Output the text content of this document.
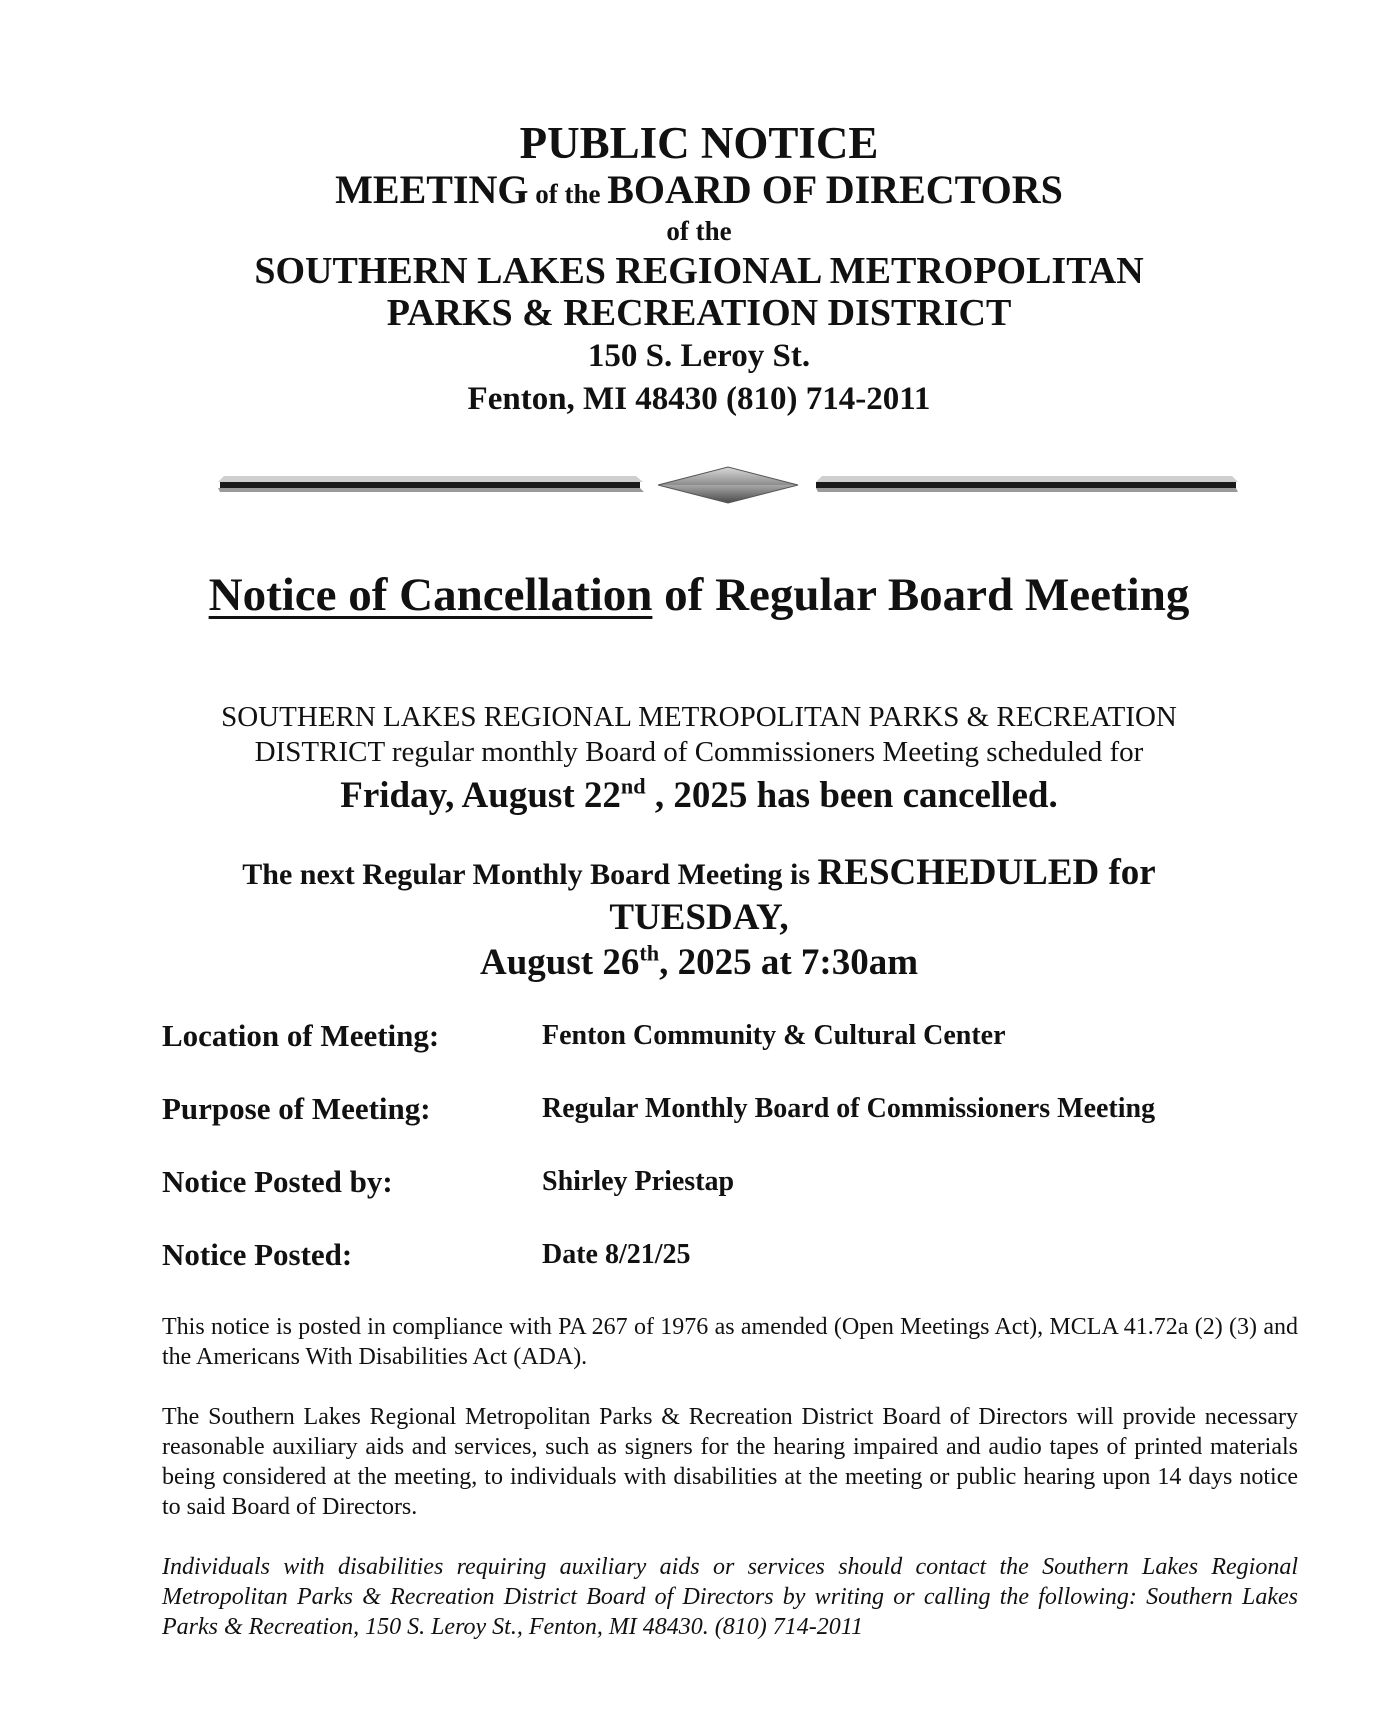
PUBLIC NOTICE
MEETING of the BOARD OF DIRECTORS
of the
SOUTHERN LAKES REGIONAL METROPOLITAN
PARKS & RECREATION DISTRICT
150 S. Leroy St.
Fenton, MI 48430 (810) 714-2011
Notice of Cancellation of Regular Board Meeting
SOUTHERN LAKES REGIONAL METROPOLITAN PARKS & RECREATION
DISTRICT regular monthly Board of Commissioners Meeting scheduled for
Friday, August 22nd , 2025 has been cancelled.
The next Regular Monthly Board Meeting is RESCHEDULED for
TUESDAY,
August 26th, 2025 at 7:30am
Location of Meeting:	Fenton Community & Cultural Center
Purpose of Meeting:	Regular Monthly Board of Commissioners Meeting
Notice Posted by:	Shirley Priestap
Notice Posted:	Date 8/21/25
This notice is posted in compliance with PA 267 of 1976 as amended (Open Meetings Act), MCLA 41.72a (2) (3) and the Americans With Disabilities Act (ADA).
The Southern Lakes Regional Metropolitan Parks & Recreation District Board of Directors will provide necessary reasonable auxiliary aids and services, such as signers for the hearing impaired and audio tapes of printed materials being considered at the meeting, to individuals with disabilities at the meeting or public hearing upon 14 days notice to said Board of Directors.
Individuals with disabilities requiring auxiliary aids or services should contact the Southern Lakes Regional Metropolitan Parks & Recreation District Board of Directors by writing or calling the following: Southern Lakes Parks & Recreation, 150 S. Leroy St., Fenton, MI 48430. (810) 714-2011
